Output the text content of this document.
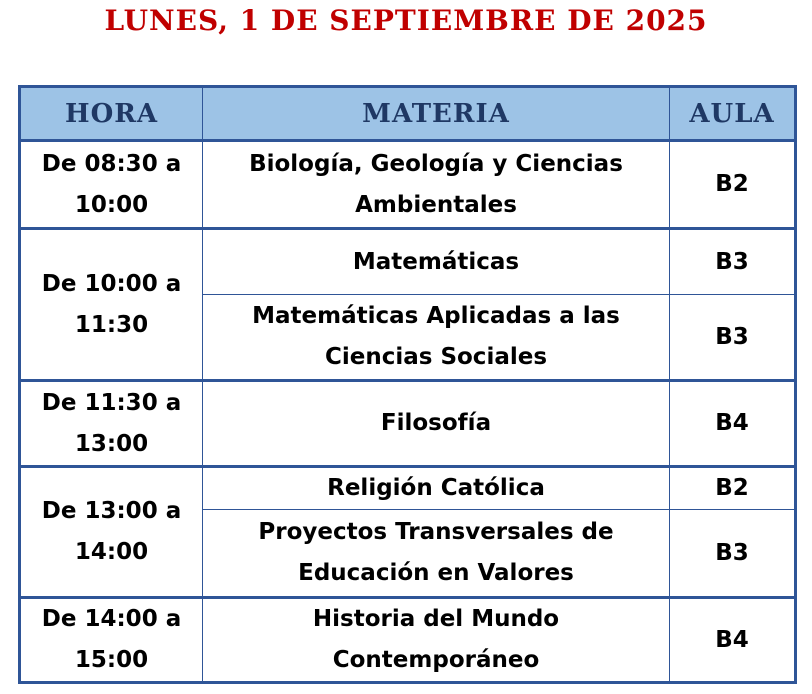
LUNES, 1 DE SEPTIEMBRE DE 2025
HORA	MATERIA	AULA
De 08:30 a 10:00	Biología, Geología y Ciencias Ambientales	B2
De 10:00 a 11:30	Matemáticas	B3
	Matemáticas Aplicadas a las Ciencias Sociales	B3
De 11:30 a 13:00	Filosofía	B4
De 13:00 a 14:00	Religión Católica	B2
	Proyectos Transversales de Educación en Valores	B3
De 14:00 a 15:00	Historia del Mundo Contemporáneo	B4
